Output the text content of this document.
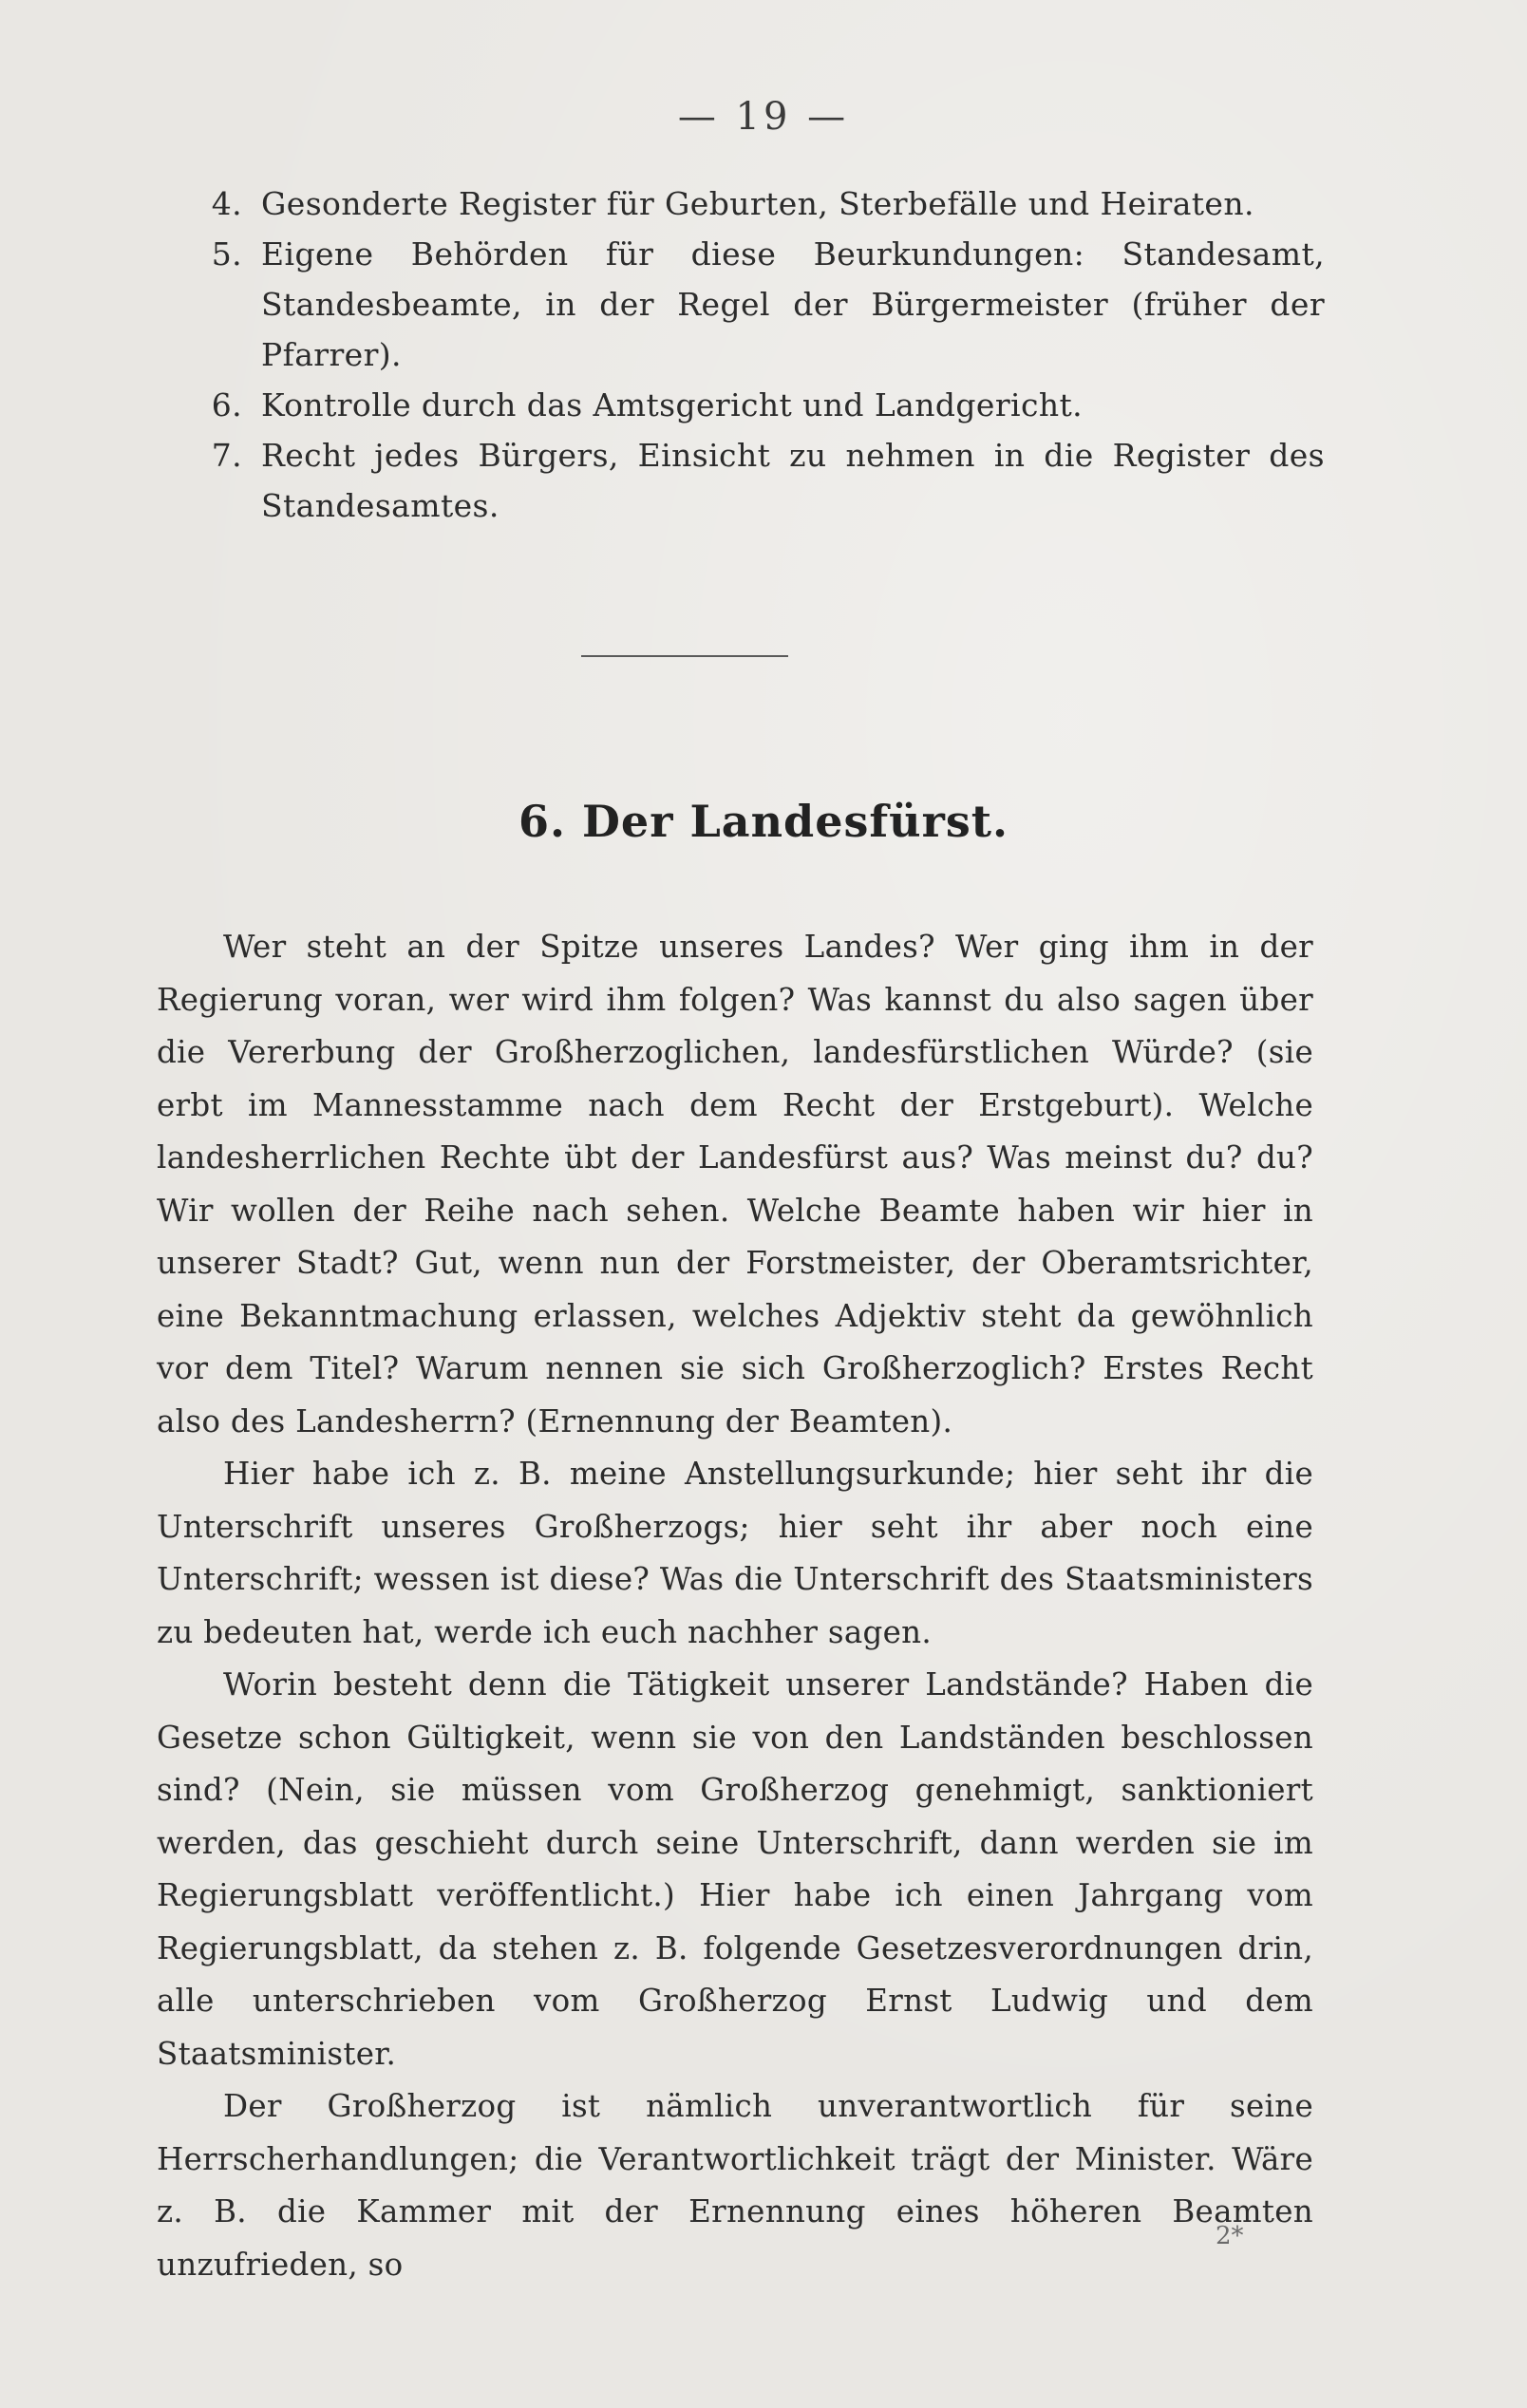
— 19 —
4. Gesonderte Register für Geburten, Sterbefälle und Heiraten.
5. Eigene Behörden für diese Beurkundungen: Standesamt, Standesbeamte, in der Regel der Bürgermeister (früher der Pfarrer).
6. Kontrolle durch das Amtsgericht und Landgericht.
7. Recht jedes Bürgers, Einsicht zu nehmen in die Register des Standesamtes.
6. Der Landesfürst.

Wer steht an der Spitze unseres Landes? Wer ging ihm in der Regierung voran, wer wird ihm folgen? Was kannst du also sagen über die Vererbung der Großherzoglichen, landesfürstlichen Würde? (sie erbt im Mannesstamme nach dem Recht der Erstgeburt). Welche landesherrlichen Rechte übt der Landesfürst aus? Was meinst du? du? Wir wollen der Reihe nach sehen. Welche Beamte haben wir hier in unserer Stadt? Gut, wenn nun der Forstmeister, der Oberamtsrichter, eine Bekanntmachung erlassen, welches Adjektiv steht da gewöhnlich vor dem Titel? Warum nennen sie sich Großherzoglich? Erstes Recht also des Landesherrn? (Ernennung der Beamten).

Hier habe ich z. B. meine Anstellungsurkunde; hier seht ihr die Unterschrift unseres Großherzogs; hier seht ihr aber noch eine Unterschrift; wessen ist diese? Was die Unterschrift des Staatsministers zu bedeuten hat, werde ich euch nachher sagen.

Worin besteht denn die Tätigkeit unserer Landstände? Haben die Gesetze schon Gültigkeit, wenn sie von den Landständen beschlossen sind? (Nein, sie müssen vom Großherzog genehmigt, sanktioniert werden, das geschieht durch seine Unterschrift, dann werden sie im Regierungsblatt veröffentlicht.) Hier habe ich einen Jahrgang vom Regierungsblatt, da stehen z. B. folgende Gesetzesverordnungen drin, alle unterschrieben vom Großherzog Ernst Ludwig und dem Staatsminister.

Der Großherzog ist nämlich unverantwortlich für seine Herrscherhandlungen; die Verantwortlichkeit trägt der Minister. Wäre z. B. die Kammer mit der Ernennung eines höheren Beamten unzufrieden, so

2*
